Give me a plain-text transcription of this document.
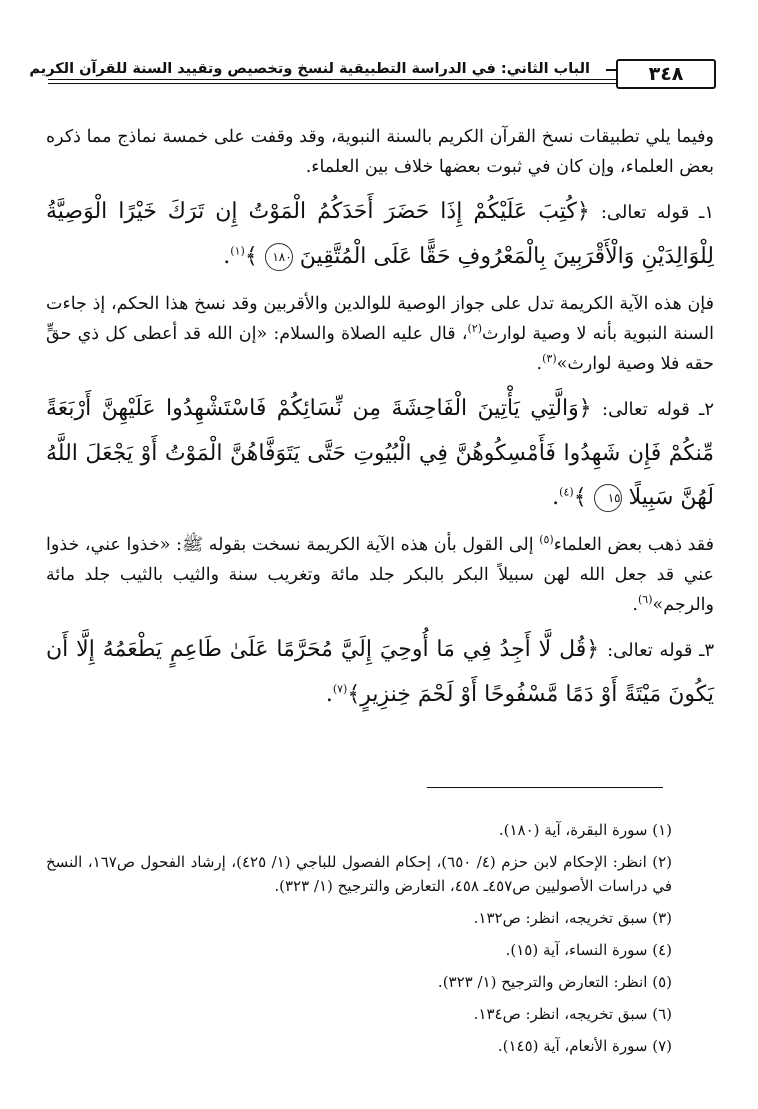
الباب الثاني: في الدراسة التطبيقية لنسخ وتخصيص وتقييد السنة للقرآن الكريم	٣٤٨

وفيما يلي تطبيقات نسخ القرآن الكريم بالسنة النبوية، وقد وقفت على خمسة نماذج مما ذكره بعض العلماء، وإن كان في ثبوت بعضها خلاف بين العلماء.

١ـ قوله تعالى: ﴿كُتِبَ عَلَيْكُمْ إِذَا حَضَرَ أَحَدَكُمُ الْمَوْتُ إِن تَرَكَ خَيْرًا الْوَصِيَّةُ لِلْوَالِدَيْنِ وَالْأَقْرَبِينَ بِالْمَعْرُوفِ حَقًّا عَلَى الْمُتَّقِينَ ١٨٠ ﴾$^{(١)}$.

فإن هذه الآية الكريمة تدل على جواز الوصية للوالدين والأقربين وقد نسخ هذا الحكم، إذ جاءت السنة النبوية بأنه لا وصية لوارث$^{(٢)}$، قال عليه الصلاة والسلام: «إن الله قد أعطى كل ذي حقٍّ حقه فلا وصية لوارث»$^{(٣)}$.

٢ـ قوله تعالى: ﴿وَالَّتِي يَأْتِينَ الْفَاحِشَةَ مِن نِّسَائِكُمْ فَاسْتَشْهِدُوا عَلَيْهِنَّ أَرْبَعَةً مِّنكُمْ فَإِن شَهِدُوا فَأَمْسِكُوهُنَّ فِي الْبُيُوتِ حَتَّى يَتَوَفَّاهُنَّ الْمَوْتُ أَوْ يَجْعَلَ اللَّهُ لَهُنَّ سَبِيلًا ١٥ ﴾$^{(٤)}$.

فقد ذهب بعض العلماء$^{(٥)}$ إلى القول بأن هذه الآية الكريمة نسخت بقوله ﷺ: «خذوا عني، خذوا عني قد جعل الله لهن سبيلاً البكر بالبكر جلد مائة وتغريب سنة والثيب بالثيب جلد مائة والرجم»$^{(٦)}$.

٣ـ قوله تعالى: ﴿قُل لَّا أَجِدُ فِي مَا أُوحِيَ إِلَيَّ مُحَرَّمًا عَلَىٰ طَاعِمٍ يَطْعَمُهُ إِلَّا أَن يَكُونَ مَيْتَةً أَوْ دَمًا مَّسْفُوحًا أَوْ لَحْمَ خِنزِيرٍ﴾$^{(٧)}$.

(١) سورة البقرة، آية (١٨٠).

(٢) انظر: الإحكام لابن حزم (٤/ ٦٥٠)، إحكام الفصول للباجي (١/ ٤٢٥)، إرشاد الفحول ص١٦٧، النسخ في دراسات الأصوليين ص٤٥٧ـ ٤٥٨، التعارض والترجيح (١/ ٣٢٣).

(٣) سبق تخريجه، انظر: ص١٣٢.

(٤) سورة النساء، آية (١٥).

(٥) انظر: التعارض والترجيح (١/ ٣٢٣).

(٦) سبق تخريجه، انظر: ص١٣٤.

(٧) سورة الأنعام، آية (١٤٥).
